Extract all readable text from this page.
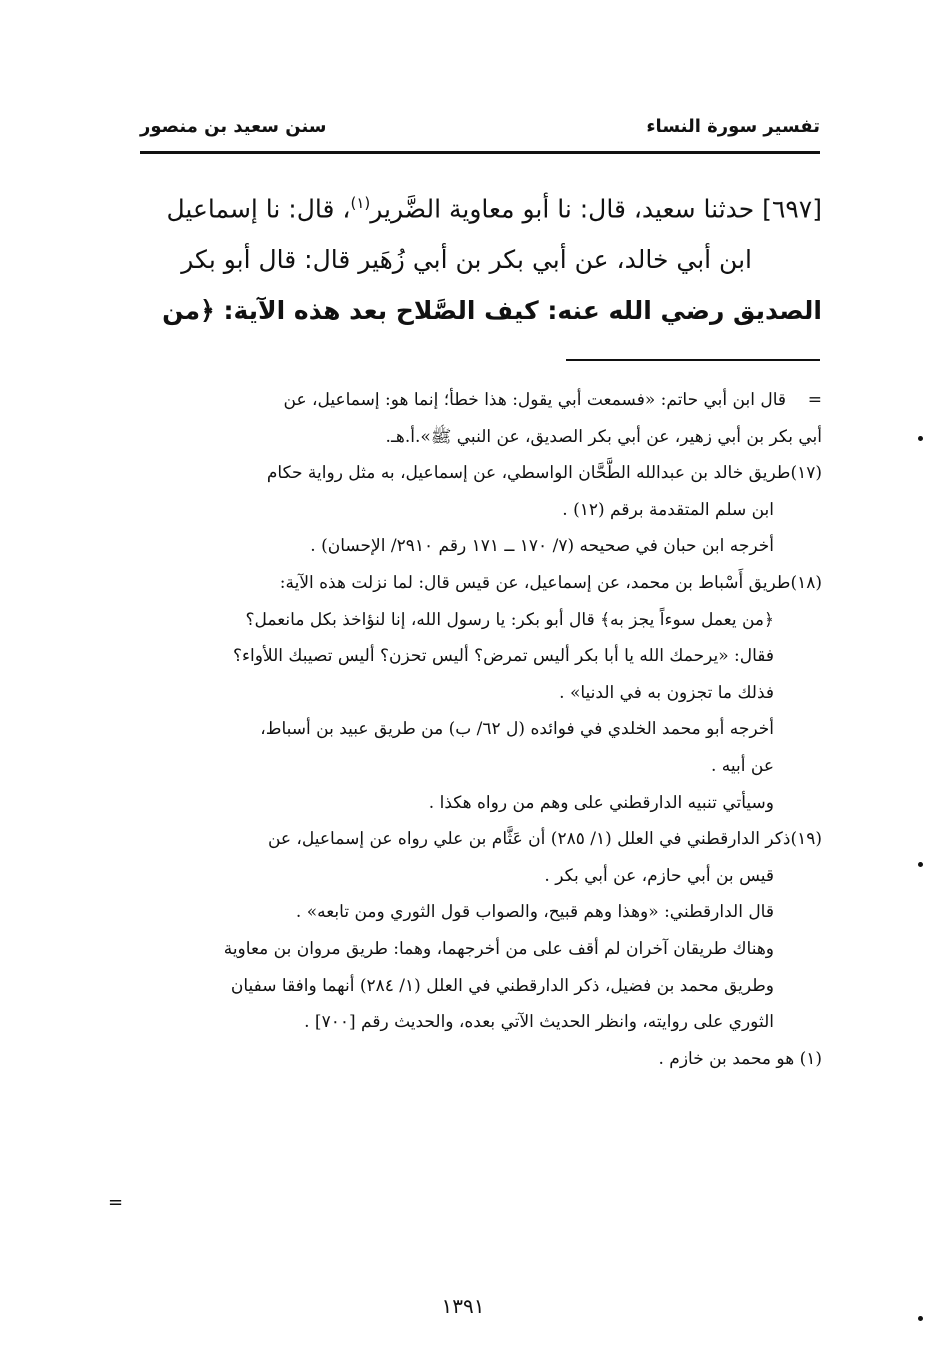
تفسير سورة النساء
سنن سعيد بن منصور
[٦٩٧] حدثنا سعيد، قال: نا أبو معاوية الضَّرير$^{(١)}$، قال: نا إسماعيل
ابن أبي خالد، عن أبي بكر بن أبي زُهَير قال: قال أبو بكر
الصديق رضي الله عنه: كيف الصَّلاح بعد هذه الآية: ﴿من
=قال ابن أبي حاتم: «فسمعت أبي يقول: هذا خطأ؛ إنما هو: إسماعيل، عن
أبي بكر بن أبي زهير، عن أبي بكر الصديق، عن النبي ﷺ».أ.هـ.
(١٧)طريق خالد بن عبدالله الطَّحَّان الواسطي، عن إسماعيل، به مثل رواية حكام
ابن سلم المتقدمة برقم (١٢) .
أخرجه ابن حبان في صحيحه (٧/ ١٧٠ ــ ١٧١ رقم ٢٩١٠/ الإحسان) .
(١٨)طريق أَسْباط بن محمد، عن إسماعيل، عن قيس قال: لما نزلت هذه الآية:
﴿من يعمل سوءاً يجز به﴾ قال أبو بكر: يا رسول الله، إنا لنؤاخذ بكل مانعمل؟
فقال: «يرحمك الله يا أبا بكر أليس تمرض؟ أليس تحزن؟ أليس تصيبك اللأواء؟
فذلك ما تجزون به في الدنيا» .
أخرجه أبو محمد الخلدي في فوائده (ل ٦٢/ ب) من طريق عبيد بن أسباط،
عن أبيه .
وسيأتي تنبيه الدارقطني على وهم من رواه هكذا .
(١٩)ذكر الدارقطني في العلل (١/ ٢٨٥) أن عَثَّام بن علي رواه عن إسماعيل، عن
قيس بن أبي حازم، عن أبي بكر .
قال الدارقطني: «وهذا وهم قبيح، والصواب قول الثوري ومن تابعه» .
وهناك طريقان آخران لم أقف على من أخرجهما، وهما: طريق مروان بن معاوية
وطريق محمد بن فضيل، ذكر الدارقطني في العلل (١/ ٢٨٤) أنهما وافقا سفيان
الثوري على روايته، وانظر الحديث الآتي بعده، والحديث رقم [٧٠٠] .
(١) هو محمد بن خازم .
=
١٣٩١
